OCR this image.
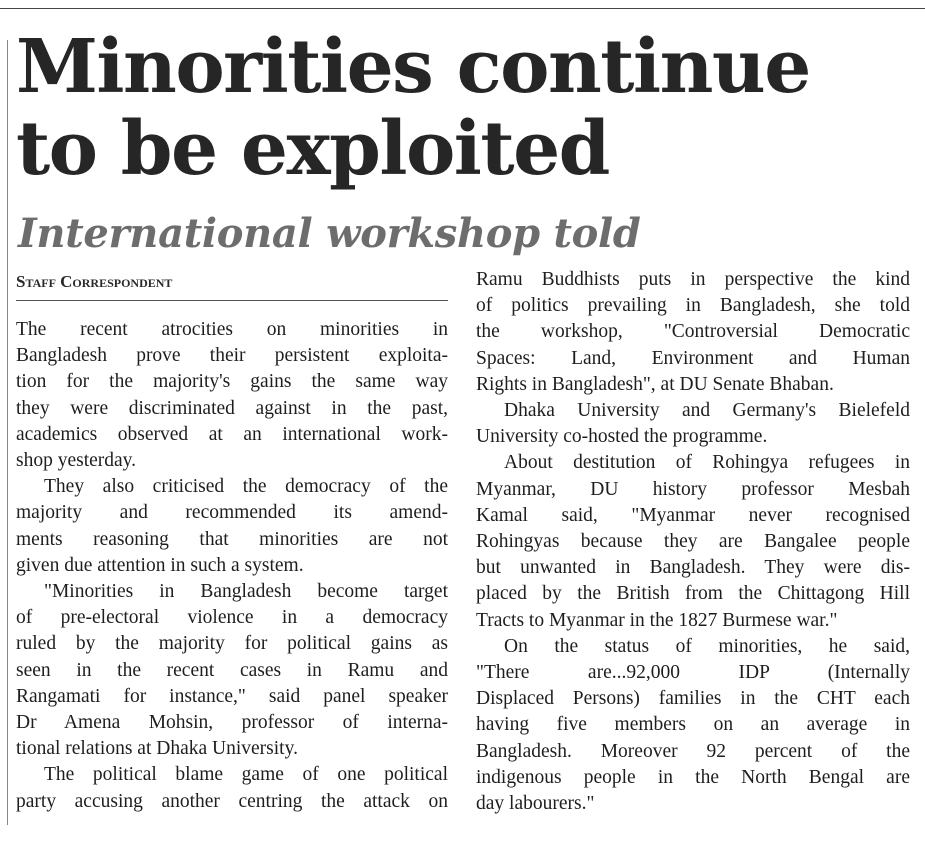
Minorities continue
to be exploited
International workshop told
Staff Correspondent

The recent atrocities on minorities in
Bangladesh prove their persistent exploita-
tion for the majority's gains the same way
they were discriminated against in the past,
academics observed at an international work-
shop yesterday.

They also criticised the democracy of the
majority and recommended its amend-
ments reasoning that minorities are not
given due attention in such a system.

"Minorities in Bangladesh become target
of pre-electoral violence in a democracy
ruled by the majority for political gains as
seen in the recent cases in Ramu and
Rangamati for instance," said panel speaker
Dr Amena Mohsin, professor of interna-
tional relations at Dhaka University.

The political blame game of one political
party accusing another centring the attack on

Ramu Buddhists puts in perspective the kind
of politics prevailing in Bangladesh, she told
the workshop, "Controversial Democratic
Spaces: Land, Environment and Human
Rights in Bangladesh", at DU Senate Bhaban.

Dhaka University and Germany's Bielefeld
University co-hosted the programme.

About destitution of Rohingya refugees in
Myanmar, DU history professor Mesbah
Kamal said, "Myanmar never recognised
Rohingyas because they are Bangalee people
but unwanted in Bangladesh. They were dis-
placed by the British from the Chittagong Hill
Tracts to Myanmar in the 1827 Burmese war."

On the status of minorities, he said,
"There are...92,000 IDP (Internally
Displaced Persons) families in the CHT each
having five members on an average in
Bangladesh. Moreover 92 percent of the
indigenous people in the North Bengal are
day labourers."
